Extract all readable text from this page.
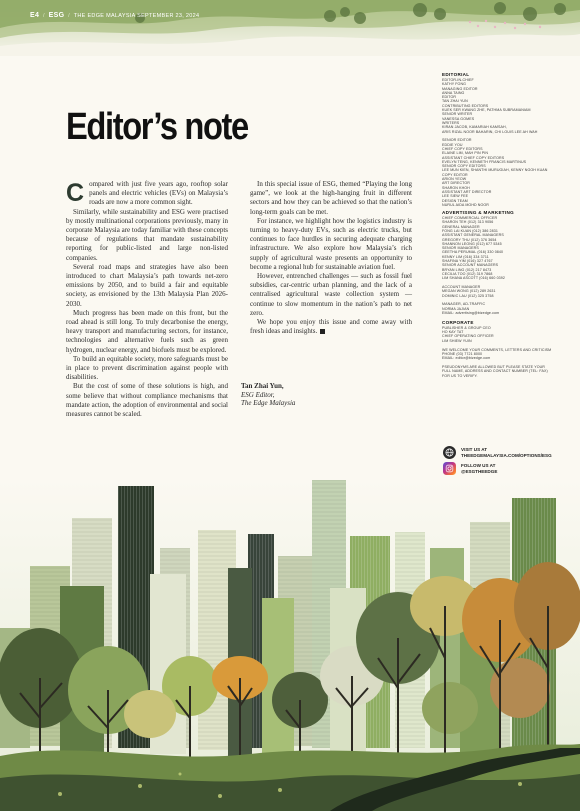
E4 / ESG / THE EDGE MALAYSIA SEPTEMBER 23, 2024
Editor’s note

Compared with just five years ago, rooftop solar panels and electric vehicles (EVs) on Malaysia’s roads are now a more common sight.

Similarly, while sustainability and ESG were practised by mostly multinational corporations previously, many in corporate Malaysia are today familiar with these concepts because of regulations that mandate sustainability reporting for public-listed and large non-listed companies.

Several road maps and strategies have also been introduced to chart Malaysia’s path towards net-zero emissions by 2050, and to build a fair and equitable society, as envisioned by the 13th Malaysia Plan 2026-2030.

Much progress has been made on this front, but the road ahead is still long. To truly decarbonise the energy, heavy transport and manufacturing sectors, for instance, technologies and alternative fuels such as green hydrogen, nuclear energy, and biofuels must be explored.

To build an equitable society, more safeguards must be in place to prevent discrimination against people with disabilities.

But the cost of some of these solutions is high, and some believe that without compliance mechanisms that mandate action, the adoption of environmental and social measures cannot be scaled.

In this special issue of ESG, themed “Playing the long game”, we look at the high-hanging fruit in different sectors and how they can be achieved so that the nation’s long-term goals can be met.

For instance, we highlight how the logistics industry is turning to heavy-duty EVs, such as electric trucks, but continues to face hurdles in securing adequate charging infrastructure. We also explore how Malaysia’s rich supply of agricultural waste presents an opportunity to become a regional hub for sustainable aviation fuel.

However, entrenched challenges — such as fossil fuel subsidies, car-centric urban planning, and the lack of a centralised agricultural waste collection system — continue to slow momentum in the nation’s path to net zero.

We hope you enjoy this issue and come away with fresh ideas and insights.

Tan Zhai Yun,
ESG Editor,
The Edge Malaysia
EDITORIAL
EDITOR-IN-CHIEF
KATHY FONG
MANAGING EDITOR
ANNA TAING
EDITOR
TAN ZHAI YUN
CONTRIBUTING EDITORS
KUEK SER KWANG ZHE, PATHMA SUBRAMANIAM
SENIOR WRITER
VANESSA GOMES
WRITERS
KIRAN JACOB, KAMARIAH KAMSAH,
ARIS RIZAL NOOR BAHARIN, CHI LOUIS LEE AH WAH
SENIOR EDITOR
EDDIE YOU
CHIEF COPY EDITORS
ELAINE LIM, MAH PIN PIN
ASSISTANT CHIEF COPY EDITORS
EVELYN TENG, KENNETH FRANCIS MARTINUS
SENIOR COPY EDITORS
LEE MUN KIEN, SHANTHI MURUGIAH, KENNY NGOH KUAN
COPY EDITOR
ARION YEOW
ART DIRECTOR
SHARON KHOH
ASSISTANT ART DIRECTOR
LEE SIEW FEE
DESIGN TEAM
NURUL AIDA MOHD NOOR
ADVERTISING & MARKETING
CHIEF COMMERCIAL OFFICER
SHARON TEH (012) 313 9056
GENERAL MANAGER
FONG LAI KUAN (012) 386 2831
ASSISTANT GENERAL MANAGERS
GREGORY THU (012) 376 3654
SHANNON LEONG (012) 677 5345
SENIOR MANAGERS
GEETHA PERUMAL (016) 330 0840
KENNY LIM (016) 334 3711
SHAFINA YIM (016) 327 4767
SENIOR ACCOUNT MANAGERS
BRYAN LING (012) 217 8473
CECILIA TOO (012) 319 7868
LIM SHANA ASCOTT (016) 660 0392
ACCOUNT MANAGER
MEGAN WONG (012) 289 2631
DOMINIC LAU (012) 325 3758
MANAGER, AD-TRAFFIC
NORMA JAJIAN
EMAIL: advertising@bizedge.com
CORPORATE
PUBLISHER & GROUP CEO
HO KAY TAT
CHIEF OPERATING OFFICER
LIM SHIEW YUIN
WE WELCOME YOUR COMMENTS, LETTERS AND CRITICISM
PHONE (03) 7721 8000
EMAIL: editor@bizedge.com
PSEUDONYMS ARE ALLOWED BUT PLEASE STATE YOUR
FULL NAME, ADDRESS AND CONTACT NUMBER (TEL: FAX)
FOR US TO VERIFY.
VISIT US AT
THEEDGEMALAYSIA.COM/OPTIONS/ESG
FOLLOW US AT
@ESGTHEEDGE
